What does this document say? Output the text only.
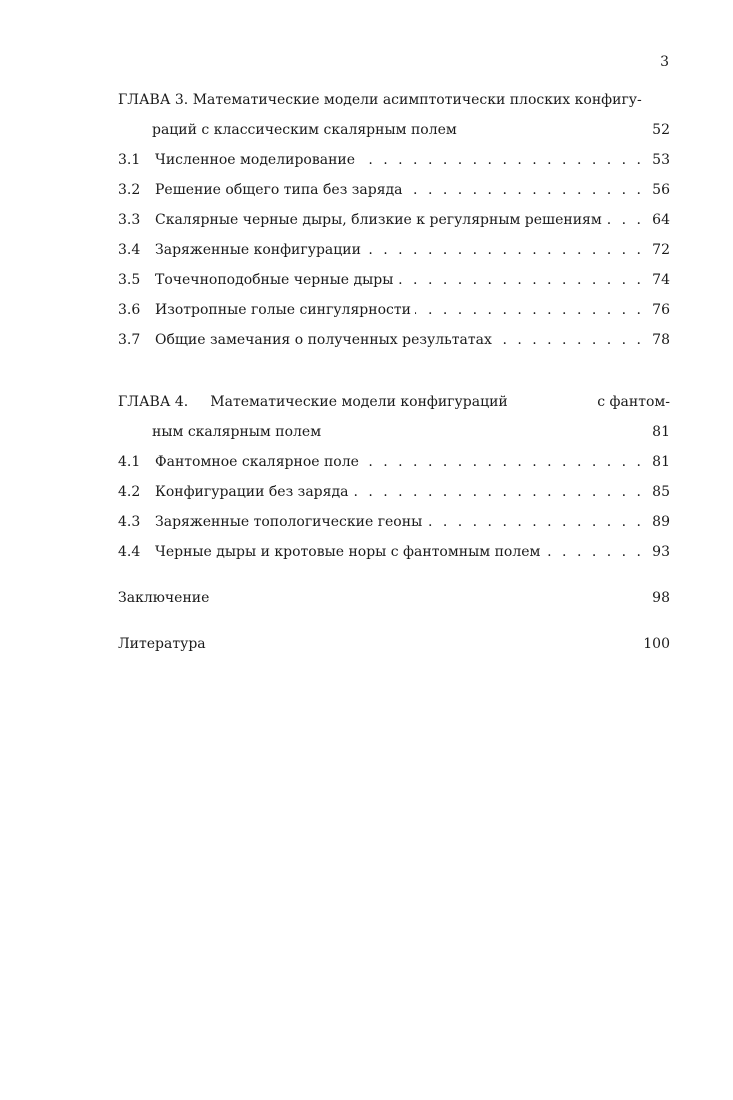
3
ГЛАВА 3. Математические модели асимптотически плоских конфигу-
раций с классическим скалярным полем	52
3.1	Численное моделирование . . .	53
3.2	Решение общего типа без заряда . . .	56
3.3	Скалярные черные дыры, близкие к регулярным решениям . . .	64
3.4	Заряженные конфигурации . . .	72
3.5	Точечноподобные черные дыры . . .	74
3.6	Изотропные голые сингулярности . . .	76
3.7	Общие замечания о полученных результатах . . .	78
ГЛАВА 4. Математические модели конфигураций	с фантом-
ным скалярным полем	81
4.1	Фантомное скалярное поле . . .	81
4.2	Конфигурации без заряда . . .	85
4.3	Заряженные топологические геоны . . .	89
4.4	Черные дыры и кротовые норы с фантомным полем . . .	93
Заключение	98
Литература	100
